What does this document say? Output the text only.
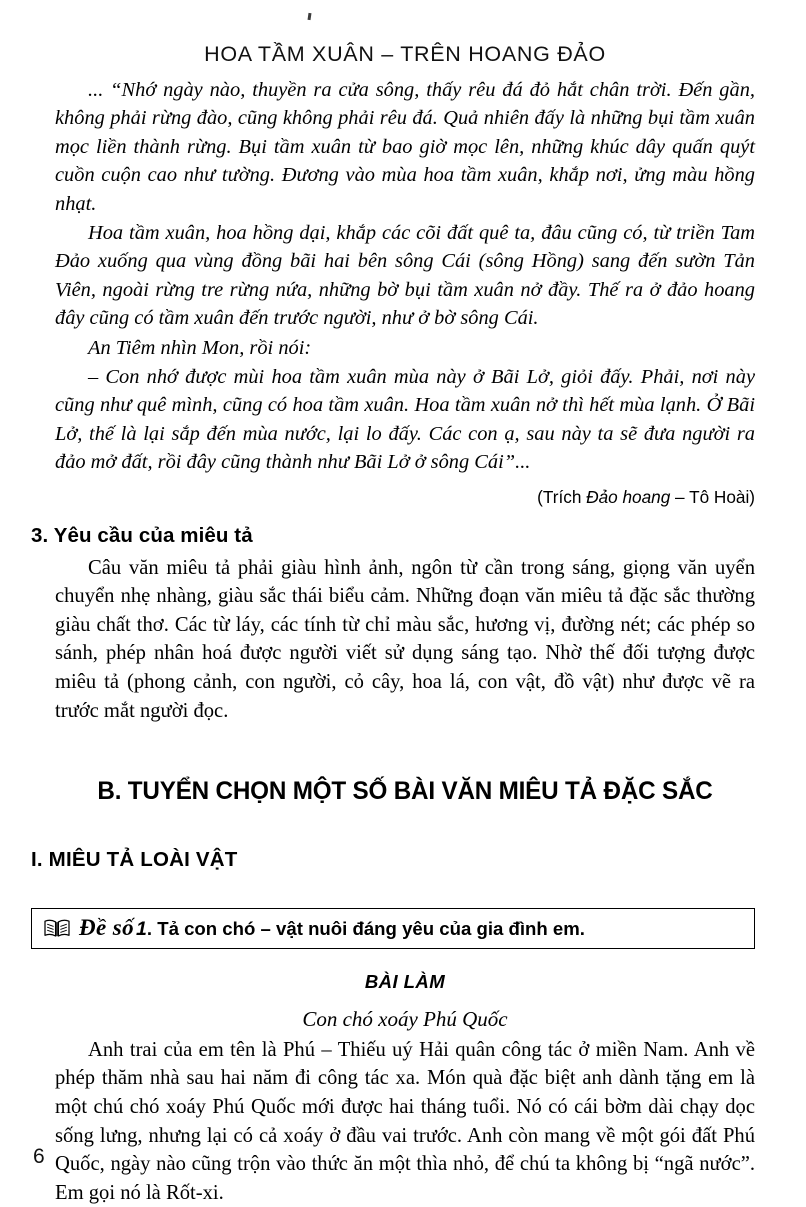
HOA TẦM XUÂN – TRÊN HOANG ĐẢO

... “Nhớ ngày nào, thuyền ra cửa sông, thấy rêu đá đỏ hắt chân trời. Đến gần, không phải rừng đào, cũng không phải rêu đá. Quả nhiên đấy là những bụi tầm xuân mọc liền thành rừng. Bụi tầm xuân từ bao giờ mọc lên, những khúc dây quấn quýt cuồn cuộn cao như tường. Đương vào mùa hoa tầm xuân, khắp nơi, ửng màu hồng nhạt.

Hoa tầm xuân, hoa hồng dại, khắp các cõi đất quê ta, đâu cũng có, từ triền Tam Đảo xuống qua vùng đồng bãi hai bên sông Cái (sông Hồng) sang đến sườn Tản Viên, ngoài rừng tre rừng nứa, những bờ bụi tầm xuân nở đầy. Thế ra ở đảo hoang đây cũng có tầm xuân đến trước người, như ở bờ sông Cái.

An Tiêm nhìn Mon, rồi nói:

– Con nhớ được mùi hoa tầm xuân mùa này ở Bãi Lở, giỏi đấy. Phải, nơi này cũng như quê mình, cũng có hoa tầm xuân. Hoa tầm xuân nở thì hết mùa lạnh. Ở Bãi Lở, thế là lại sắp đến mùa nước, lại lo đấy. Các con ạ, sau này ta sẽ đưa người ra đảo mở đất, rồi đây cũng thành như Bãi Lở ở sông Cái”...

(Trích Đảo hoang – Tô Hoài)
3. Yêu cầu của miêu tả

Câu văn miêu tả phải giàu hình ảnh, ngôn từ cần trong sáng, giọng văn uyển chuyển nhẹ nhàng, giàu sắc thái biểu cảm. Những đoạn văn miêu tả đặc sắc thường giàu chất thơ. Các từ láy, các tính từ chỉ màu sắc, hương vị, đường nét; các phép so sánh, phép nhân hoá được người viết sử dụng sáng tạo. Nhờ thế đối tượng được miêu tả (phong cảnh, con người, cỏ cây, hoa lá, con vật, đồ vật) như được vẽ ra trước mắt người đọc.

B. TUYỂN CHỌN MỘT SỐ BÀI VĂN MIÊU TẢ ĐẶC SẮC
I. MIÊU TẢ LOÀI VẬT
Đề số 1. Tả con chó – vật nuôi đáng yêu của gia đình em.
BÀI LÀM
Con chó xoáy Phú Quốc

Anh trai của em tên là Phú – Thiếu uý Hải quân công tác ở miền Nam. Anh về phép thăm nhà sau hai năm đi công tác xa. Món quà đặc biệt anh dành tặng em là một chú chó xoáy Phú Quốc mới được hai tháng tuổi. Nó có cái bờm dài chạy dọc sống lưng, nhưng lại có cả xoáy ở đầu vai trước. Anh còn mang về một gói đất Phú Quốc, ngày nào cũng trộn vào thức ăn một thìa nhỏ, để chú ta không bị “ngã nước”. Em gọi nó là Rốt-xi.

6
